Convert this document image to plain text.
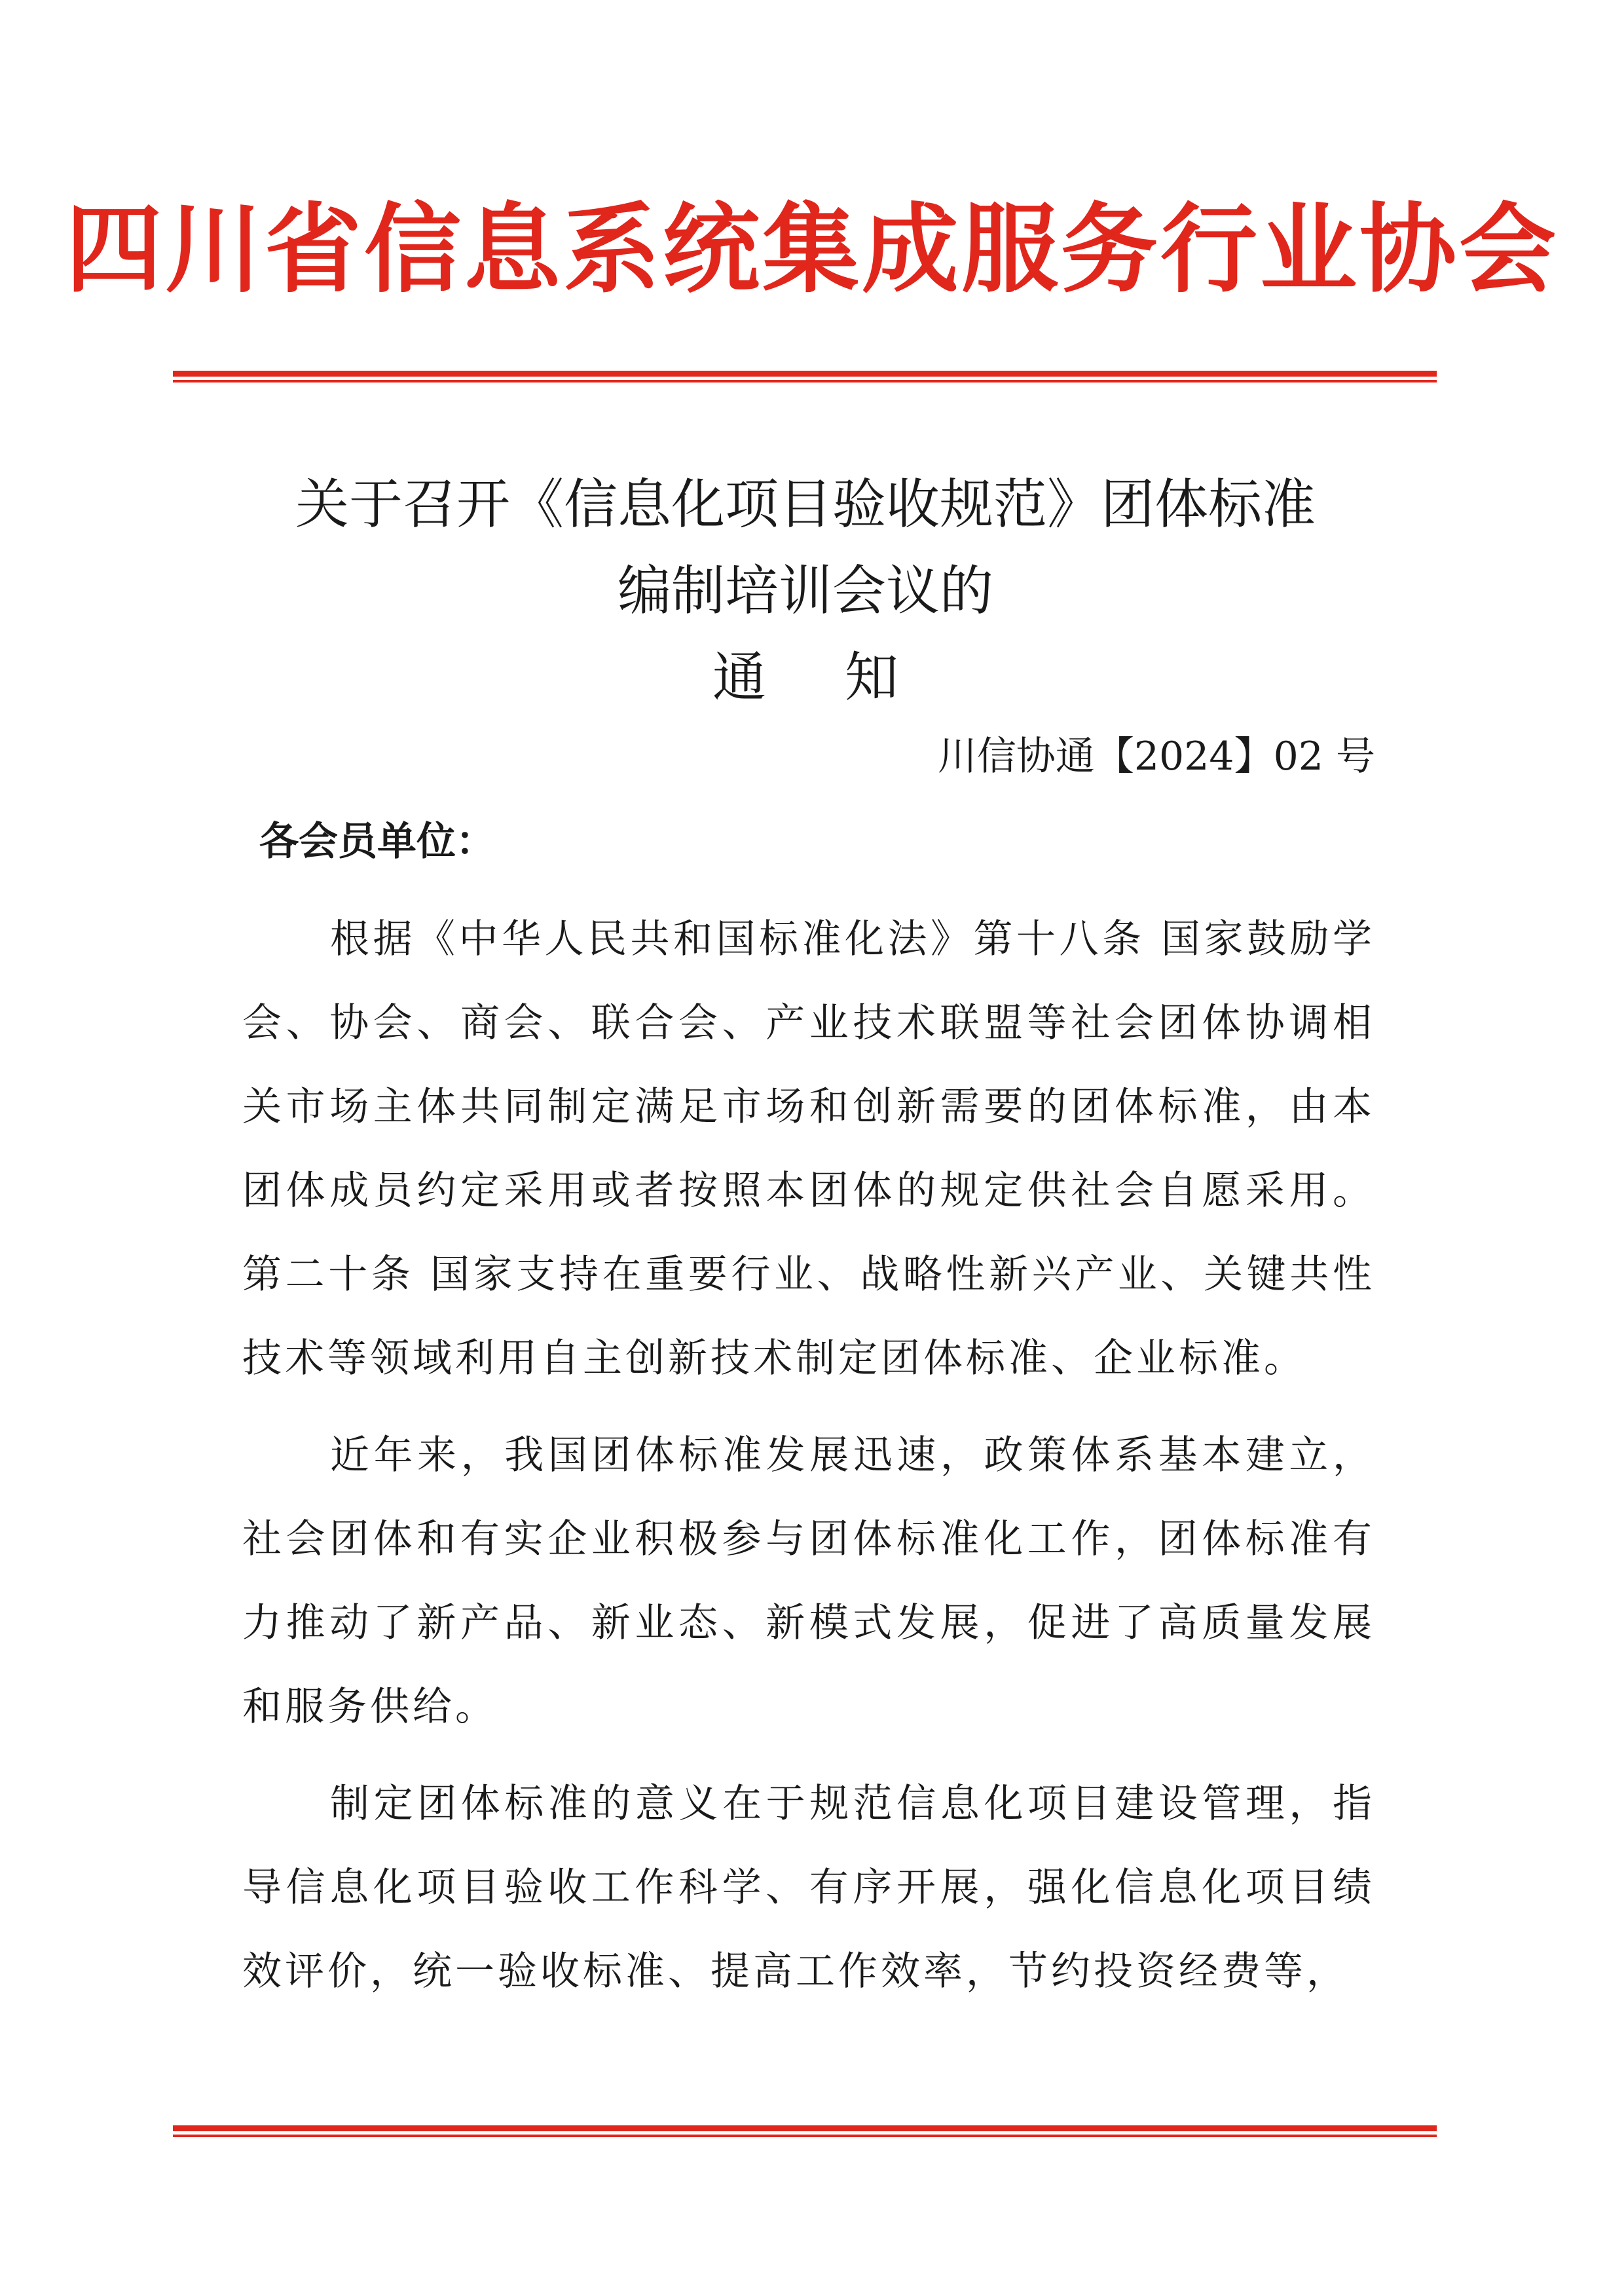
四川省信息系统集成服务行业协会
关于召开《信息化项目验收规范》团体标准
编制培训会议的
通知
川信协通【2024】02 号
各会员单位：

根据《中华人民共和国标准化法》第十八条 国家鼓励学会、协会、商会、联合会、产业技术联盟等社会团体协调相关市场主体共同制定满足市场和创新需要的团体标准，由本团体成员约定采用或者按照本团体的规定供社会自愿采用。第二十条 国家支持在重要行业、战略性新兴产业、关键共性技术等领域利用自主创新技术制定团体标准、企业标准。

近年来，我国团体标准发展迅速，政策体系基本建立，社会团体和有实企业积极参与团体标准化工作，团体标准有力推动了新产品、新业态、新模式发展，促进了高质量发展和服务供给。

制定团体标准的意义在于规范信息化项目建设管理，指导信息化项目验收工作科学、有序开展，强化信息化项目绩效评价，统一验收标准、提高工作效率，节约投资经费等，
